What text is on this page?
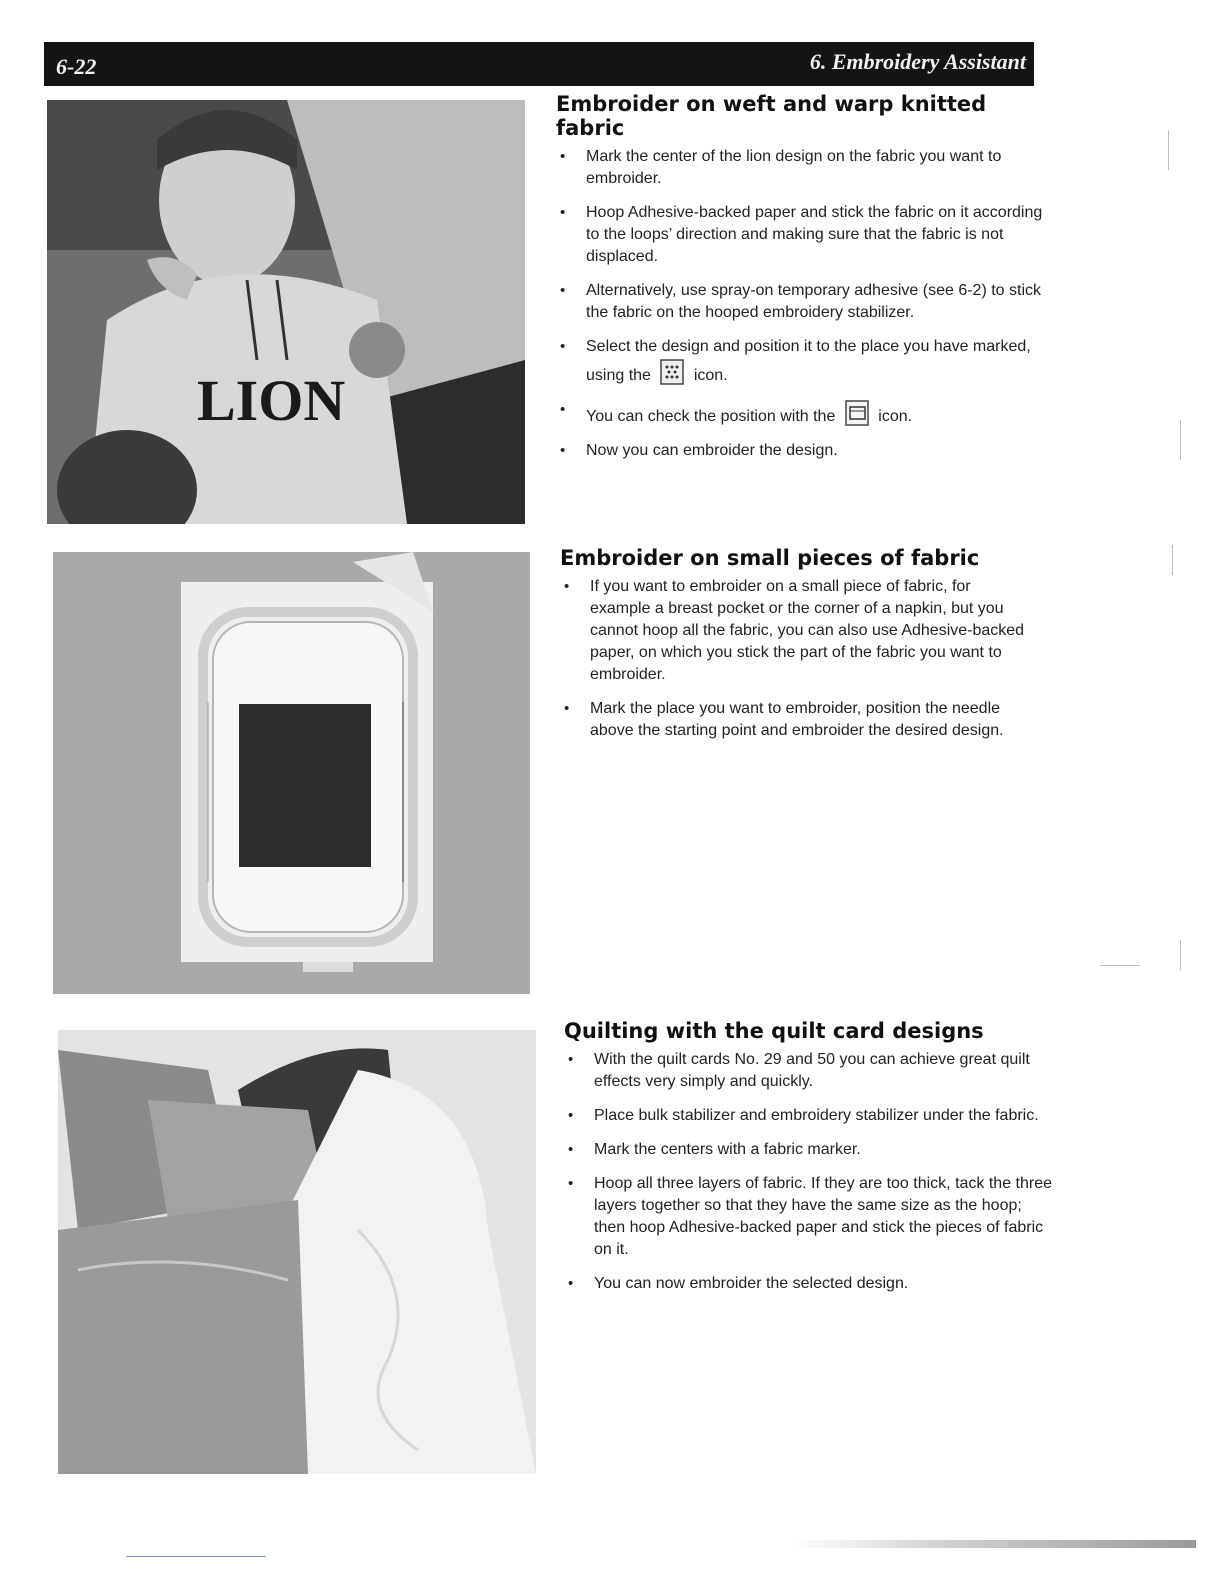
6-22	6. Embroidery Assistant
LION
Embroider on weft and warp knitted fabric
• Mark the center of the lion design on the fabric you want to embroider.
• Hoop Adhesive-backed paper and stick the fabric on it according to the loops’ direction and making sure that the fabric is not displaced.
• Alternatively, use spray-on temporary adhesive (see 6-2) to stick the fabric on the hooped embroidery stabilizer.
• Select the design and position it to the place you have marked, using the	icon.
• You can check the position with the	icon.
• Now you can embroider the design.
Embroider on small pieces of fabric
• If you want to embroider on a small piece of fabric, for example a breast pocket or the corner of a napkin, but you cannot hoop all the fabric, you can also use Adhesive-backed paper, on which you stick the part of the fabric you want to embroider.
• Mark the place you want to embroider, position the needle above the starting point and embroider the desired design.
Quilting with the quilt card designs
• With the quilt cards No. 29 and 50 you can achieve great quilt effects very simply and quickly.
• Place bulk stabilizer and embroidery stabilizer under the fabric.
• Mark the centers with a fabric marker.
• Hoop all three layers of fabric. If they are too thick, tack the three layers together so that they have the same size as the hoop; then hoop Adhesive-backed paper and stick the pieces of fabric on it.
• You can now embroider the selected design.
